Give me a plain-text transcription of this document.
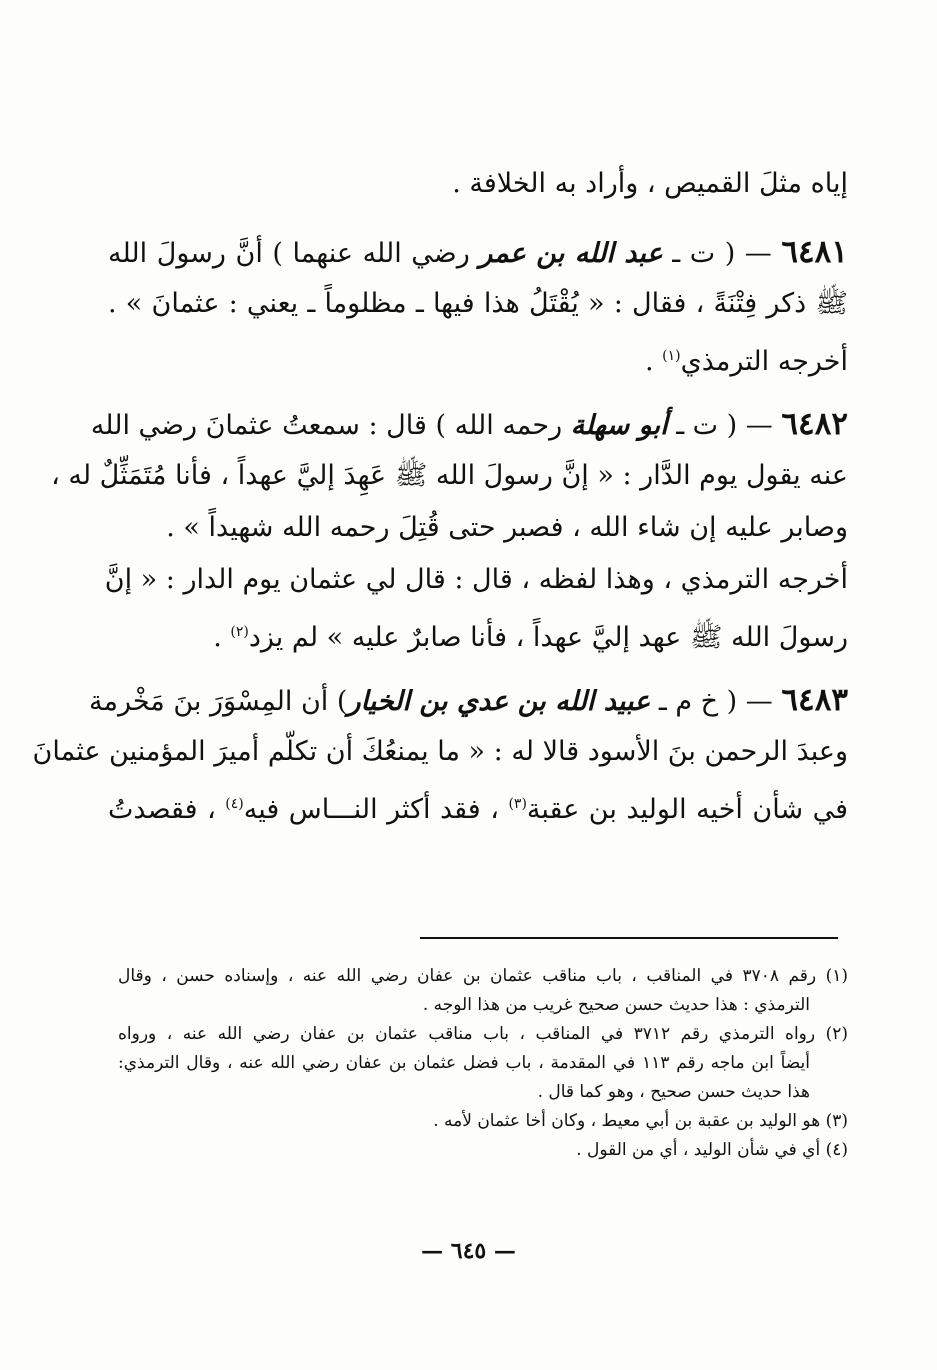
إياه مثلَ القميص ، وأراد به الخلافة .
٦٤٨١ — ( ت ـ عبد الله بن عمر رضي الله عنهما ) أنَّ رسولَ الله
ﷺ ذكر فِتْنَةً ، فقال : « يُقْتَلُ هذا فيها ـ مظلوماً ـ يعني : عثمانَ » .
أخرجه الترمذي$^{(١)}$ .
٦٤٨٢ — ( ت ـ أبو سهلة رحمه الله ) قال : سمعتُ عثمانَ رضي الله
عنه يقول يوم الدَّار : « إنَّ رسولَ الله ﷺ عَهِدَ إليَّ عهداً ، فأنا مُتَمَثِّلٌ له ،
وصابر عليه إن شاء الله ، فصبر حتى قُتِلَ رحمه الله شهيداً » .
أخرجه الترمذي ، وهذا لفظه ، قال : قال لي عثمان يوم الدار : « إنَّ
رسولَ الله ﷺ عهد إليَّ عهداً ، فأنا صابرٌ عليه » لم يزد$^{(٢)}$ .
٦٤٨٣ — ( خ م ـ عبيد الله بن عدي بن الخيار) أن المِسْوَرَ بنَ مَخْرمة
وعبدَ الرحمن بنَ الأسود قالا له : « ما يمنعُكَ أن تكلّم أميرَ المؤمنين عثمانَ
في شأن أخيه الوليد بن عقبة$^{(٣)}$ ، فقد أكثر النـــاس فيه$^{(٤)}$ ، فقصدتُ
(١) رقم ٣٧٠٨ في المناقب ، باب مناقب عثمان بن عفان رضي الله عنه ، وإسناده حسن ، وقال
الترمذي : هذا حديث حسن صحيح غريب من هذا الوجه .
(٢) رواه الترمذي رقم ٣٧١٢ في المناقب ، باب مناقب عثمان بن عفان رضي الله عنه ، ورواه
أيضاً ابن ماجه رقم ١١٣ في المقدمة ، باب فضل عثمان بن عفان رضي الله عنه ، وقال الترمذي:
هذا حديث حسن صحيح ، وهو كما قال .
(٣) هو الوليد بن عقبة بن أبي معيط ، وكان أخا عثمان لأمه .
(٤) أي في شأن الوليد ، أي من القول .
— ٦٤٥ —
